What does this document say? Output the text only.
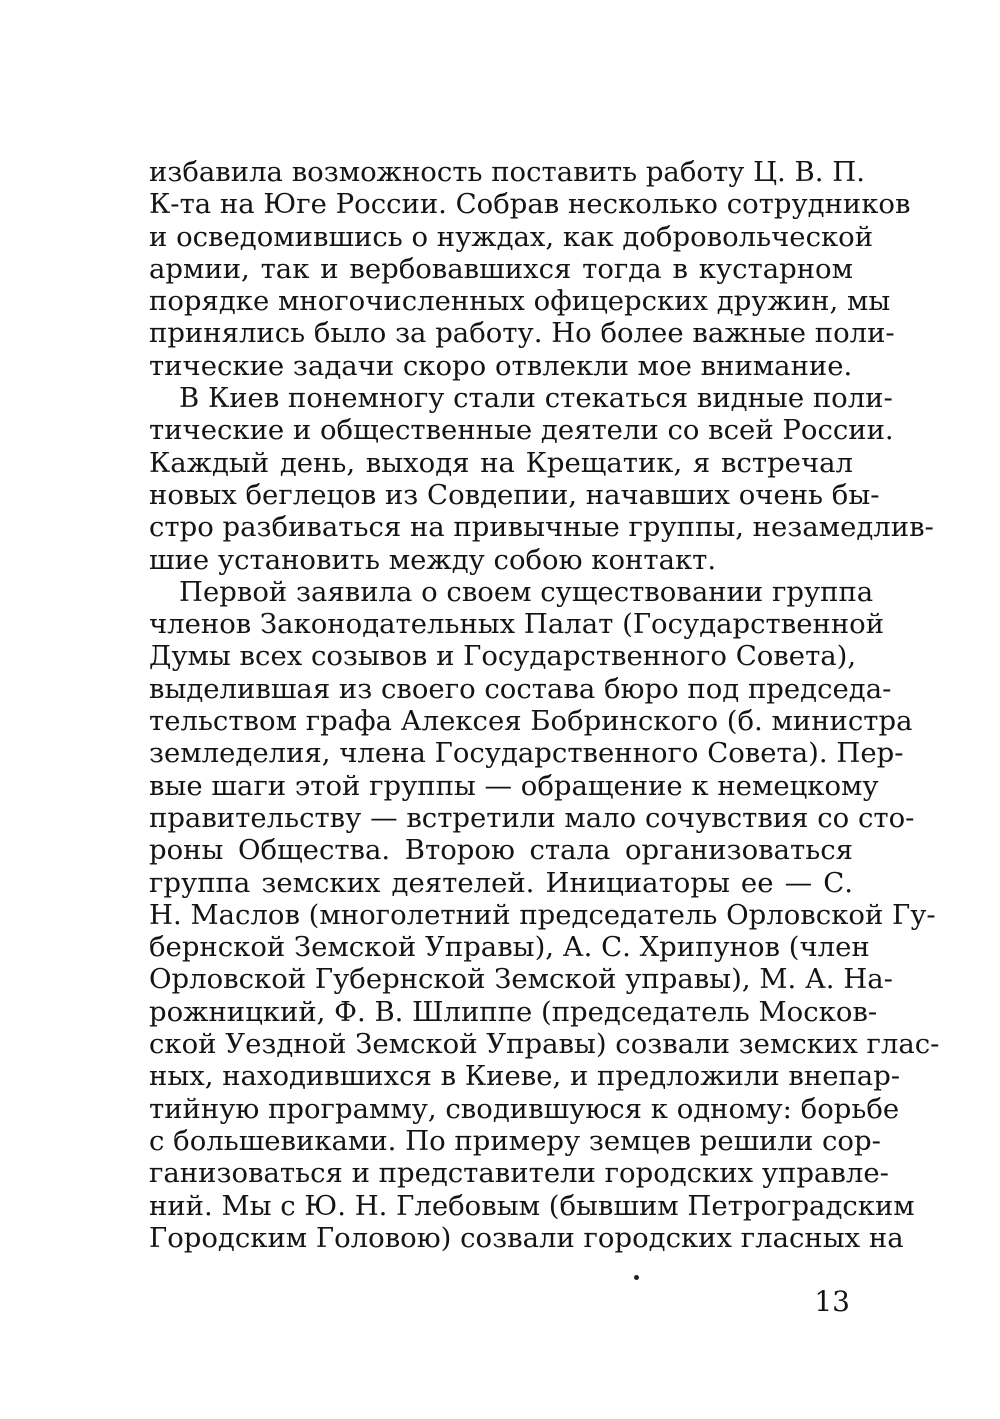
избавила возможность поставить работу Ц. В. П.
К-та на Юге России. Собрав несколько сотрудников
и осведомившись о нуждах, как добровольческой
армии, так и вербовавшихся тогда в кустарном
порядке многочисленных офицерских дружин, мы
принялись было за работу. Но более важные поли-
тические задачи скоро отвлекли мое внимание.
В Киев понемногу стали стекаться видные поли-
тические и общественные деятели со всей России.
Каждый день, выходя на Крещатик, я встречал
новых беглецов из Совдепии, начавших очень бы-
стро разбиваться на привычные группы, незамедлив-
шие установить между собою контакт.
Первой заявила о своем существовании группа
членов Законодательных Палат (Государственной
Думы всех созывов и Государственного Совета),
выделившая из своего состава бюро под председа-
тельством графа Алексея Бобринского (б. министра
земледелия, члена Государственного Совета). Пер-
вые шаги этой группы — обращение к немецкому
правительству — встретили мало сочувствия со сто-
роны Общества. Второю стала организоваться
группа земских деятелей. Инициаторы ее — С.
Н. Маслов (многолетний председатель Орловской Гу-
бернской Земской Управы), А. С. Хрипунов (член
Орловской Губернской Земской управы), М. А. На-
рожницкий, Ф. В. Шлиппе (председатель Москов-
ской Уездной Земской Управы) созвали земских глас-
ных, находившихся в Киеве, и предложили внепар-
тийную программу, сводившуюся к одному: борьбе
с большевиками. По примеру земцев решили сор-
ганизоваться и представители городских управле-
ний. Мы с Ю. Н. Глебовым (бывшим Петроградским
Городским Головою) созвали городских гласных на
13
